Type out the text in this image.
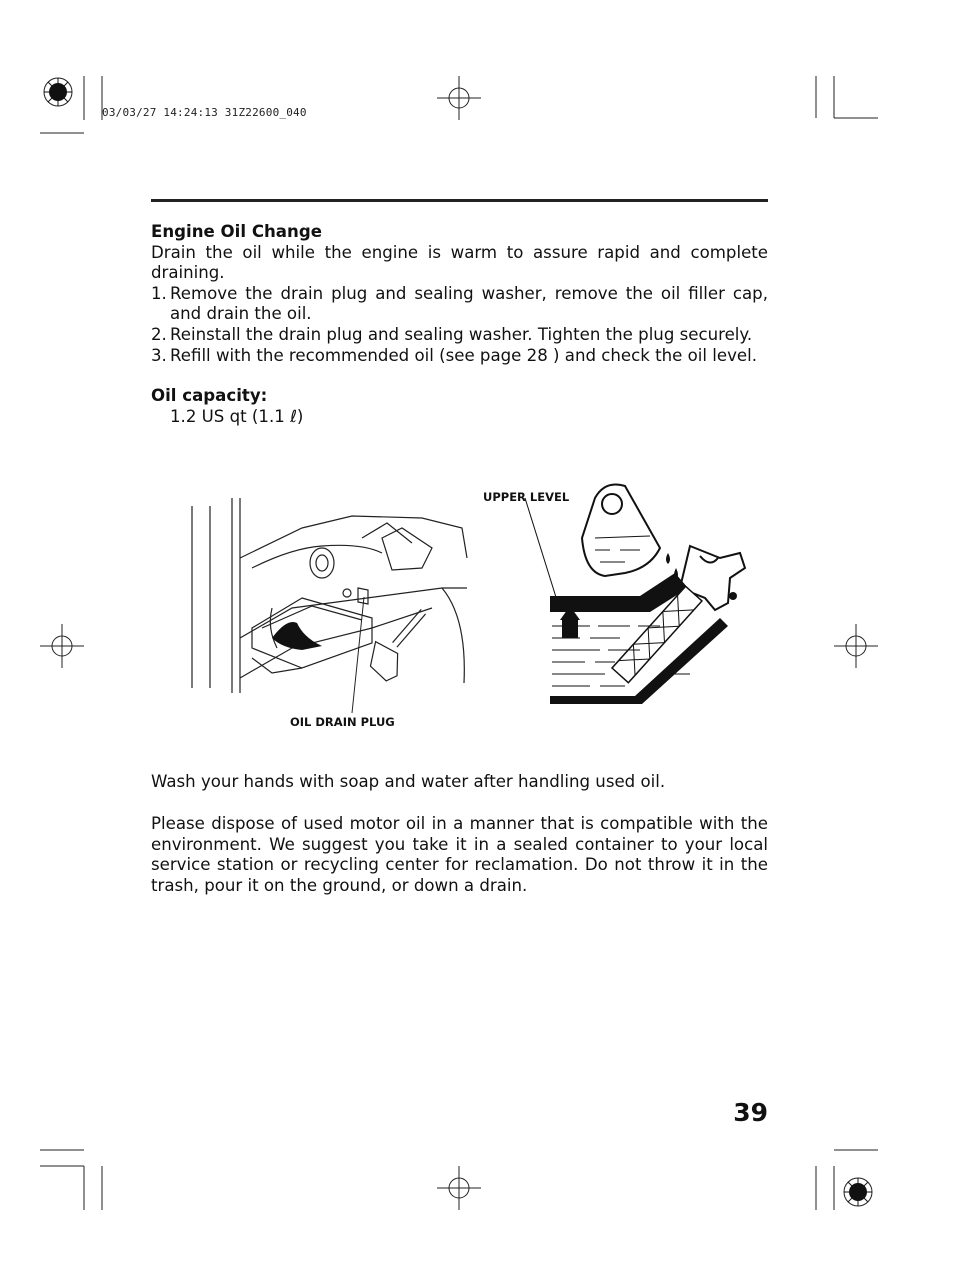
03/03/27 14:24:13 31Z22600_040
Engine Oil Change

Drain the oil while the engine is warm to assure rapid and complete draining.

1. Remove the drain plug and sealing washer, remove the oil filler cap, and drain the oil.
2. Reinstall the drain plug and sealing washer. Tighten the plug securely.
3. Refill with the recommended oil (see page 28 ) and check the oil level.
Oil capacity:
1.2 US qt (1.1 ℓ)
OIL DRAIN PLUG
UPPER LEVEL
Wash your hands with soap and water after handling used oil.

Please dispose of used motor oil in a manner that is compatible with the environment. We suggest you take it in a sealed container to your local service station or recycling center for reclamation. Do not throw it in the trash, pour it on the ground, or down a drain.

39
